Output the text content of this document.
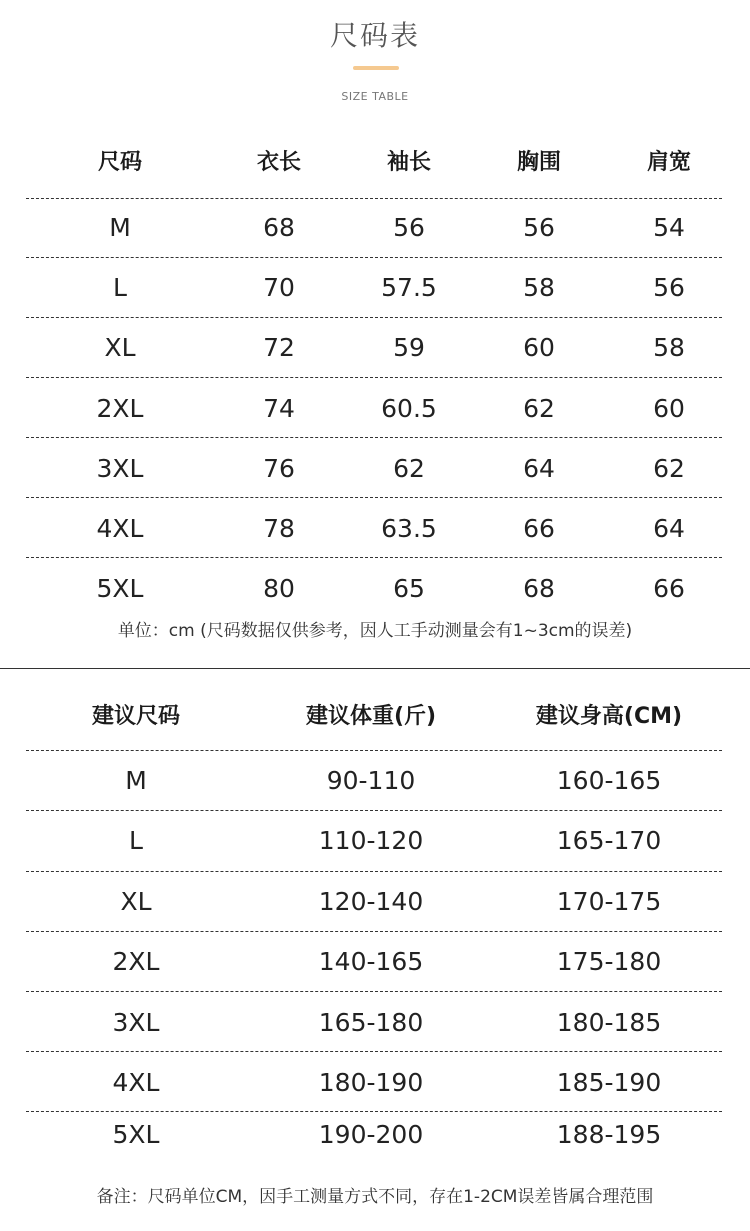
尺码表
SIZE TABLE
尺码	衣长	袖长	胸围	肩宽
M	68	56	56	54
L	70	57.5	58	56
XL	72	59	60	58
2XL	74	60.5	62	60
3XL	76	62	64	62
4XL	78	63.5	66	64
5XL	80	65	68	66
单位：cm (尺码数据仅供参考，因人工手动测量会有1~3cm的误差)
建议尺码	建议体重(斤)	建议身高(CM)
M	90-110	160-165
L	110-120	165-170
XL	120-140	170-175
2XL	140-165	175-180
3XL	165-180	180-185
4XL	180-190	185-190
5XL	190-200	188-195
备注：尺码单位CM，因手工测量方式不同，存在1-2CM误差皆属合理范围
